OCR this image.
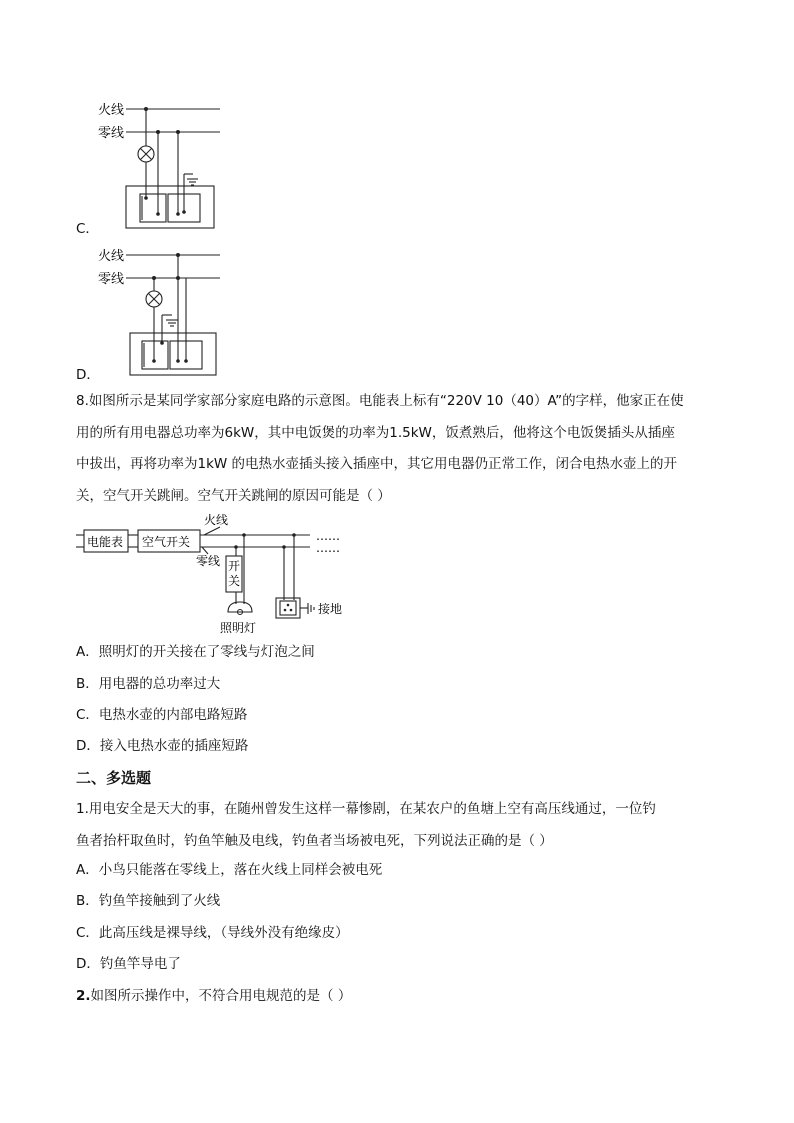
火线
零线
C．
火线
零线
D．
8.如图所示是某同学家部分家庭电路的示意图。电能表上标有“220V 10（40）A”的字样，他家正在使
用的所有用电器总功率为6kW，其中电饭煲的功率为1.5kW，饭煮熟后，他将这个电饭煲插头从插座
中拔出，再将功率为1kW 的电热水壶插头接入插座中，其它用电器仍正常工作，闭合电热水壶上的开
关，空气开关跳闸。空气开关跳闸的原因可能是（ ）
电能表 空气开关	……
……
火线
零线 开 关
照明灯
接地
A．照明灯的开关接在了零线与灯泡之间
B．用电器的总功率过大
C．电热水壶的内部电路短路
D．接入电热水壶的插座短路
二、多选题
1.用电安全是天大的事，在随州曾发生这样一幕惨剧，在某农户的鱼塘上空有高压线通过，一位钓
鱼者抬杆取鱼时，钓鱼竿触及电线，钓鱼者当场被电死，下列说法正确的是（ ）
A．小鸟只能落在零线上，落在火线上同样会被电死
B．钓鱼竿接触到了火线
C．此高压线是裸导线，（导线外没有绝缘皮）
D．钓鱼竿导电了
2.如图所示操作中，不符合用电规范的是（ ）
